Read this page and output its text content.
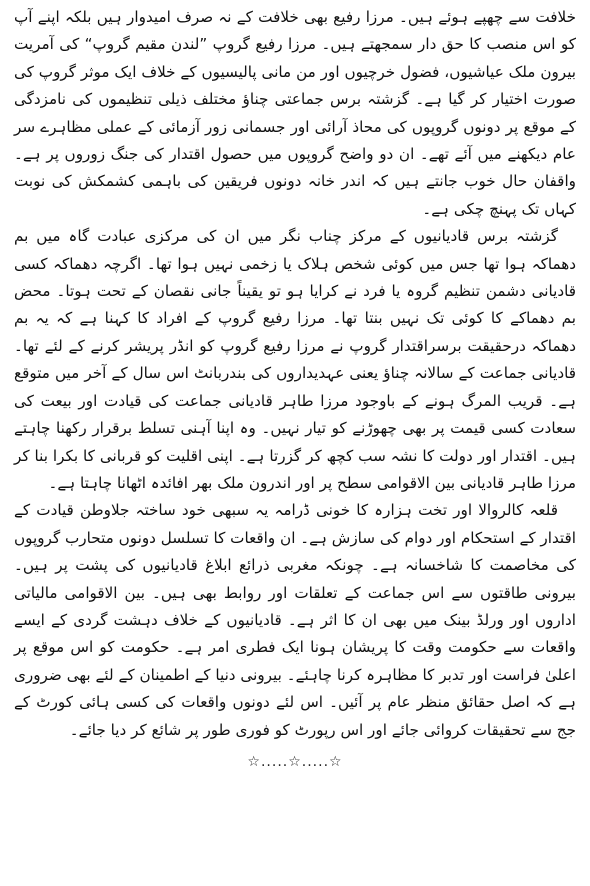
خلافت سے چھپے ہوئے ہیں۔ مرزا رفیع بھی خلافت کے نہ صرف امیدوار ہیں بلکہ اپنے آپ کو اس منصب کا حق دار سمجھتے ہیں۔ مرزا رفیع گروپ ”لندن مقیم گروپ“ کی آمریت بیرون ملک عیاشیوں، فضول خرچیوں اور من مانی پالیسیوں کے خلاف ایک موثر گروپ کی صورت اختیار کر گیا ہے۔ گزشتہ برس جماعتی چناؤ مختلف ذیلی تنظیموں کی نامزدگی کے موقع پر دونوں گروپوں کی محاذ آرائی اور جسمانی زور آزمائی کے عملی مظاہرے سر عام دیکھنے میں آئے تھے۔ ان دو واضح گروپوں میں حصول اقتدار کی جنگ زوروں پر ہے۔ واقفان حال خوب جانتے ہیں کہ اندر خانہ دونوں فریقین کی باہمی کشمکش کی نوبت کہاں تک پہنچ چکی ہے۔

گزشتہ برس قادیانیوں کے مرکز چناب نگر میں ان کی مرکزی عبادت گاہ میں بم دھماکہ ہوا تھا جس میں کوئی شخص ہلاک یا زخمی نہیں ہوا تھا۔ اگرچہ دھماکہ کسی قادیانی دشمن تنظیم گروہ یا فرد نے کرایا ہو تو یقیناً جانی نقصان کے تحت ہوتا۔ محض بم دھماکے کا کوئی تک نہیں بنتا تھا۔ مرزا رفیع گروپ کے افراد کا کہنا ہے کہ یہ بم دھماکہ درحقیقت برسراقتدار گروپ نے مرزا رفیع گروپ کو انڈر پریشر کرنے کے لئے تھا۔ قادیانی جماعت کے سالانہ چناؤ یعنی عہدیداروں کی بندربانٹ اس سال کے آخر میں متوقع ہے۔ قریب المرگ ہونے کے باوجود مرزا طاہر قادیانی جماعت کی قیادت اور بیعت کی سعادت کسی قیمت پر بھی چھوڑنے کو تیار نہیں۔ وہ اپنا آہنی تسلط برقرار رکھنا چاہتے ہیں۔ اقتدار اور دولت کا نشہ سب کچھ کر گزرتا ہے۔ اپنی اقلیت کو قربانی کا بکرا بنا کر مرزا طاہر قادیانی بین الاقوامی سطح پر اور اندرون ملک بھر افائدہ اٹھانا چاہتا ہے۔

قلعہ کالروالا اور تخت ہزارہ کا خونی ڈرامہ یہ سبھی خود ساختہ جلاوطن قیادت کے اقتدار کے استحکام اور دوام کی سازش ہے۔ ان واقعات کا تسلسل دونوں متحارب گروپوں کی مخاصمت کا شاخسانہ ہے۔ چونکہ مغربی ذرائع ابلاغ قادیانیوں کی پشت پر ہیں۔ بیرونی طاقتوں سے اس جماعت کے تعلقات اور روابط بھی ہیں۔ بین الاقوامی مالیاتی اداروں اور ورلڈ بینک میں بھی ان کا اثر ہے۔ قادیانیوں کے خلاف دہشت گردی کے ایسے واقعات سے حکومت وقت کا پریشان ہونا ایک فطری امر ہے۔ حکومت کو اس موقع پر اعلیٰ فراست اور تدبر کا مظاہرہ کرنا چاہئے۔ بیرونی دنیا کے اطمینان کے لئے بھی ضروری ہے کہ اصل حقائق منظر عام پر آئیں۔ اس لئے دونوں واقعات کی کسی ہائی کورٹ کے جج سے تحقیقات کروائی جائے اور اس رپورٹ کو فوری طور پر شائع کر دیا جائے۔

☆.....☆.....☆
